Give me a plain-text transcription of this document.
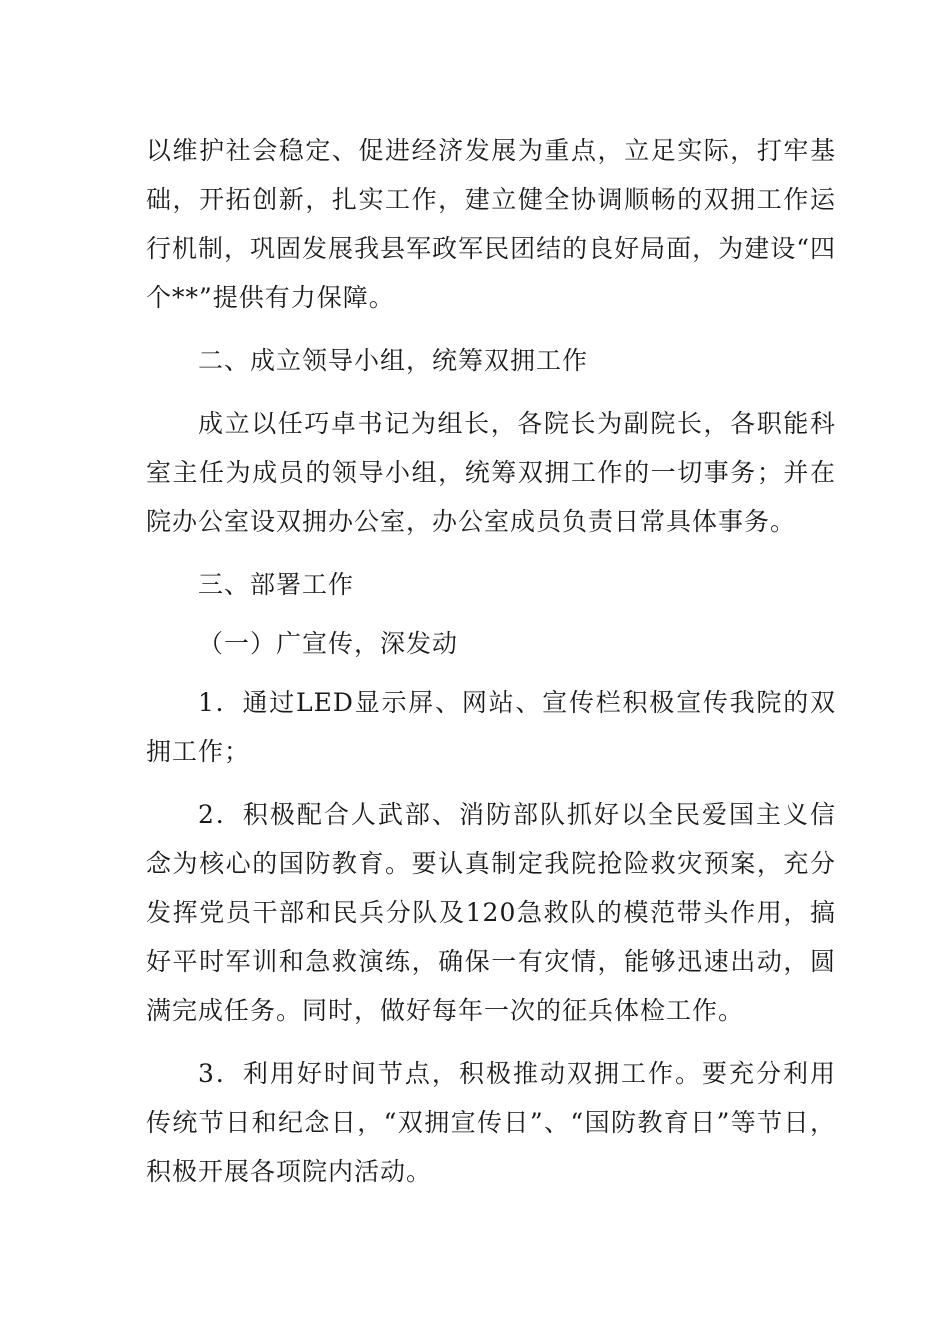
以维护社会稳定、促进经济发展为重点，立足实际，打牢基础，开拓创新，扎实工作，建立健全协调顺畅的双拥工作运行机制，巩固发展我县军政军民团结的良好局面，为建设“四个**”提供有力保障。

二、成立领导小组，统筹双拥工作

成立以任巧卓书记为组长，各院长为副院长，各职能科室主任为成员的领导小组，统筹双拥工作的一切事务；并在院办公室设双拥办公室，办公室成员负责日常具体事务。

三、部署工作

（一）广宣传，深发动

1．通过LED显示屏、网站、宣传栏积极宣传我院的双拥工作；

2．积极配合人武部、消防部队抓好以全民爱国主义信念为核心的国防教育。要认真制定我院抢险救灾预案，充分发挥党员干部和民兵分队及120急救队的模范带头作用，搞好平时军训和急救演练，确保一有灾情，能够迅速出动，圆满完成任务。同时，做好每年一次的征兵体检工作。

3．利用好时间节点，积极推动双拥工作。要充分利用传统节日和纪念日，“双拥宣传日”、“国防教育日”等节日，积极开展各项院内活动。
